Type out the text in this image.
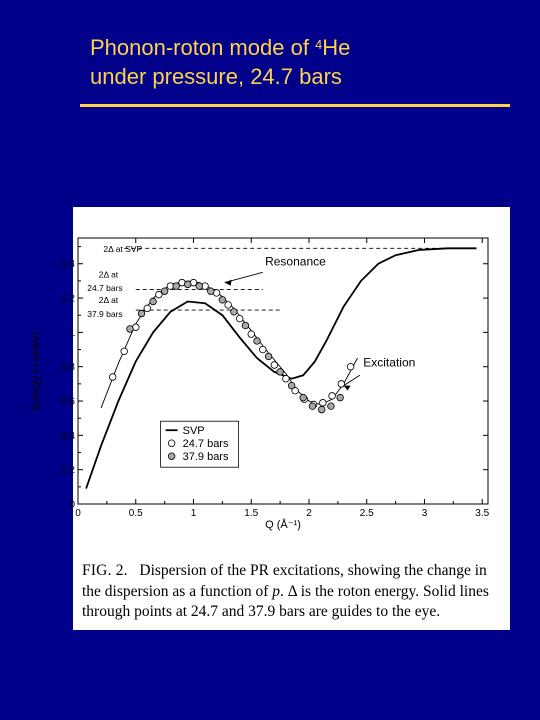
Phonon-roton mode of $^4$He
under pressure, 24.7 bars
0	0.5	1	1.5	2	2.5	3	3.5
0
0.2
0.4
0.6
0.8
1
1.2
1.4
Q (Å⁻¹)
Energy ω (meV)
2Δ at SVP
2Δ at
24.7 bars
2Δ at
37.9 bars
Resonance
Excitation
SVP
24.7 bars
37.9 bars
FIG. 2. Dispersion of the PR excitations, showing the change in the dispersion as a function of p. Δ is the roton energy. Solid lines through points at 24.7 and 37.9 bars are guides to the eye.
